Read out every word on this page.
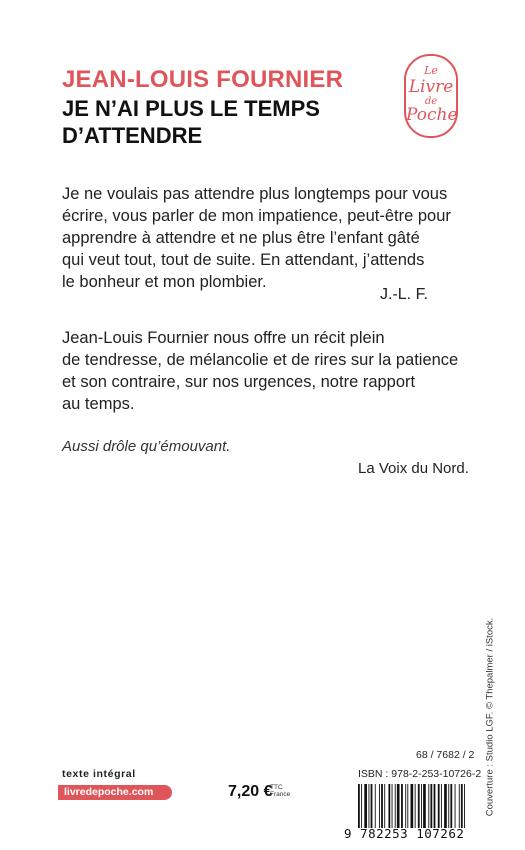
JEAN-LOUIS FOURNIER
JE N’AI PLUS LE TEMPS
D’ATTENDRE
Le
Livre
de
Poche
Je ne voulais pas attendre plus longtemps pour vous
écrire, vous parler de mon impatience, peut-être pour
apprendre à attendre et ne plus être l’enfant gâté
qui veut tout, tout de suite. En attendant, j’attends
le bonheur et mon plombier.
J.-L. F.
Jean-Louis Fournier nous offre un récit plein
de tendresse, de mélancolie et de rires sur la patience
et son contraire, sur nos urgences, notre rapport
au temps.
Aussi drôle qu’émouvant.
La Voix du Nord.
Couverture : Studio LGF. © Thepalmer / iStock.
texte intégral
livredepoche.com	7,20 €
TTC
France
68 / 7682 / 2
ISBN : 978-2-253-10726-2
9 782253 107262
